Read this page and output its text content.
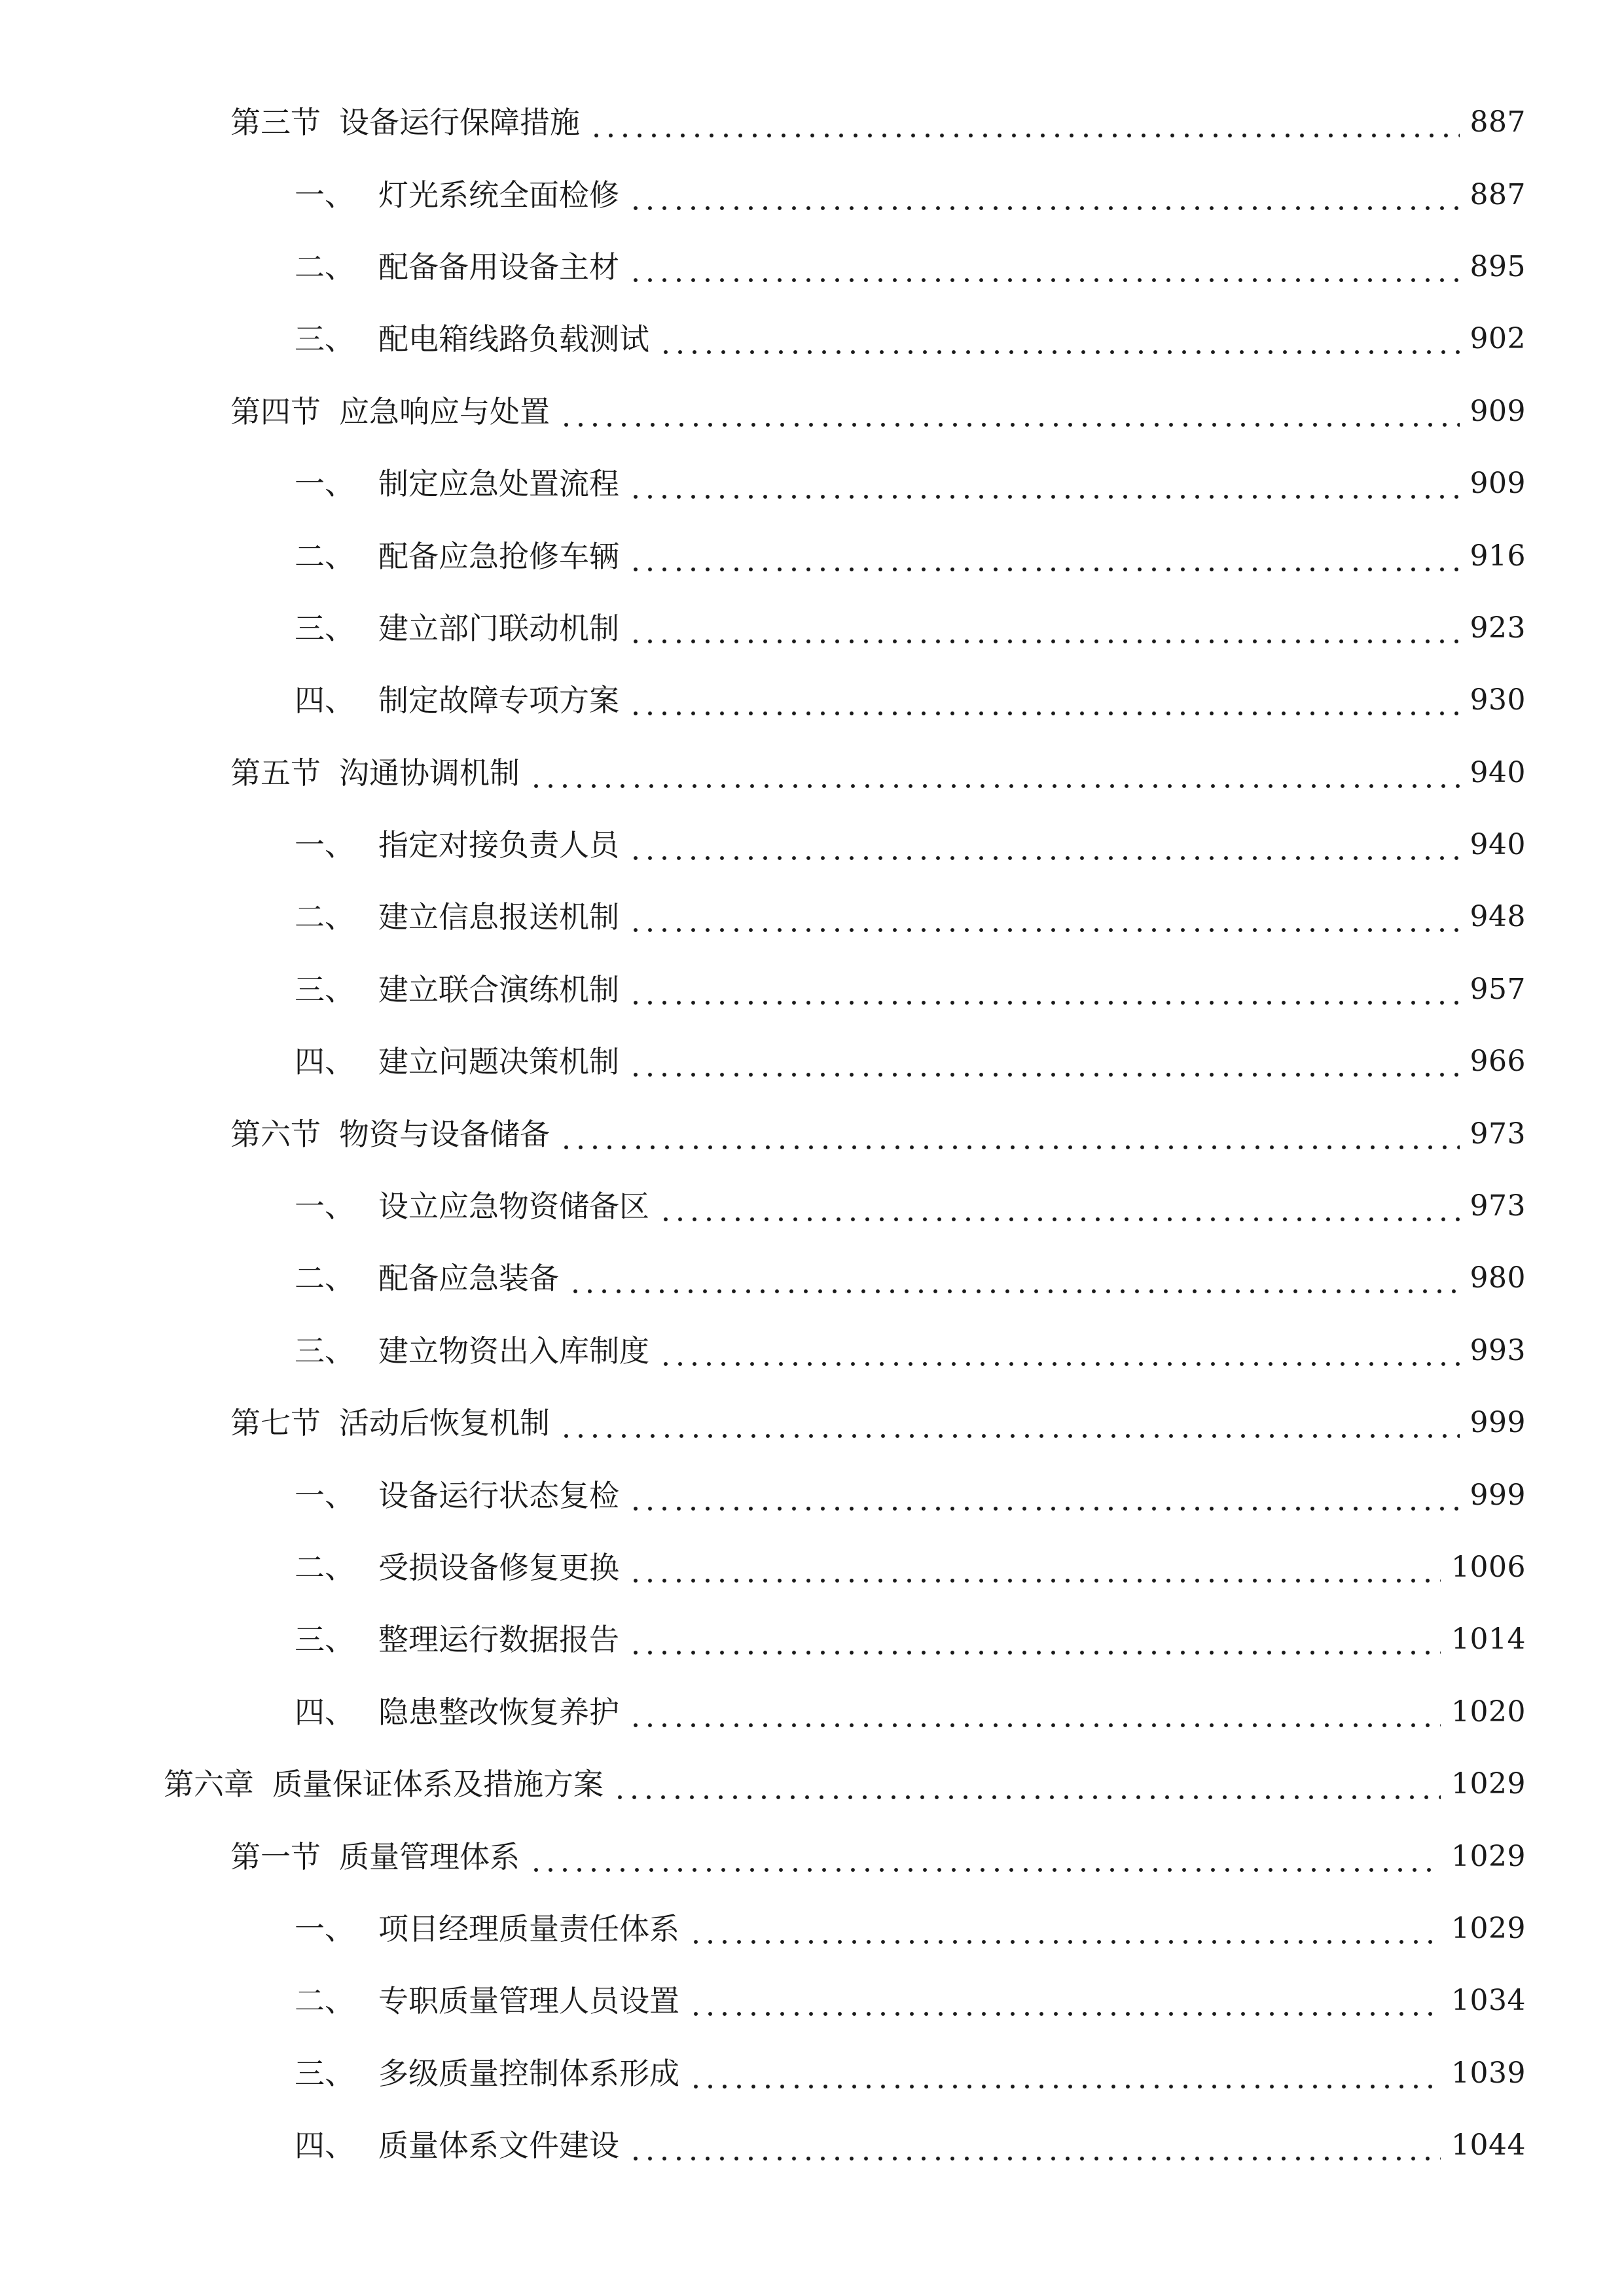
第三节 设备运行保障措施	887
一、 灯光系统全面检修	887
二、 配备备用设备主材	895
三、 配电箱线路负载测试	902
第四节 应急响应与处置	909
一、 制定应急处置流程	909
二、 配备应急抢修车辆	916
三、 建立部门联动机制	923
四、 制定故障专项方案	930
第五节 沟通协调机制	940
一、 指定对接负责人员	940
二、 建立信息报送机制	948
三、 建立联合演练机制	957
四、 建立问题决策机制	966
第六节 物资与设备储备	973
一、 设立应急物资储备区	973
二、 配备应急装备	980
三、 建立物资出入库制度	993
第七节 活动后恢复机制	999
一、 设备运行状态复检	999
二、 受损设备修复更换	1006
三、 整理运行数据报告	1014
四、 隐患整改恢复养护	1020
第六章 质量保证体系及措施方案	1029
第一节 质量管理体系	1029
一、 项目经理质量责任体系	1029
二、 专职质量管理人员设置	1034
三、 多级质量控制体系形成	1039
四、 质量体系文件建设	1044
